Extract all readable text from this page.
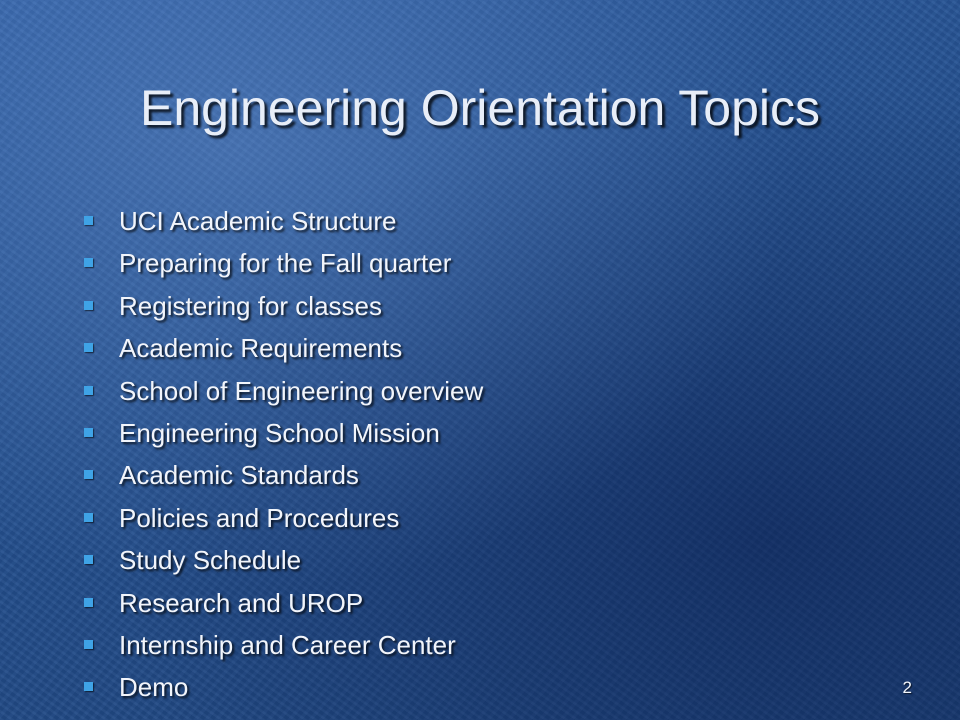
Engineering Orientation Topics
UCI Academic Structure
Preparing for the Fall quarter
Registering for classes
Academic Requirements
School of Engineering overview
Engineering School Mission
Academic Standards
Policies and Procedures
Study Schedule
Research and UROP
Internship and Career Center
Demo	2
